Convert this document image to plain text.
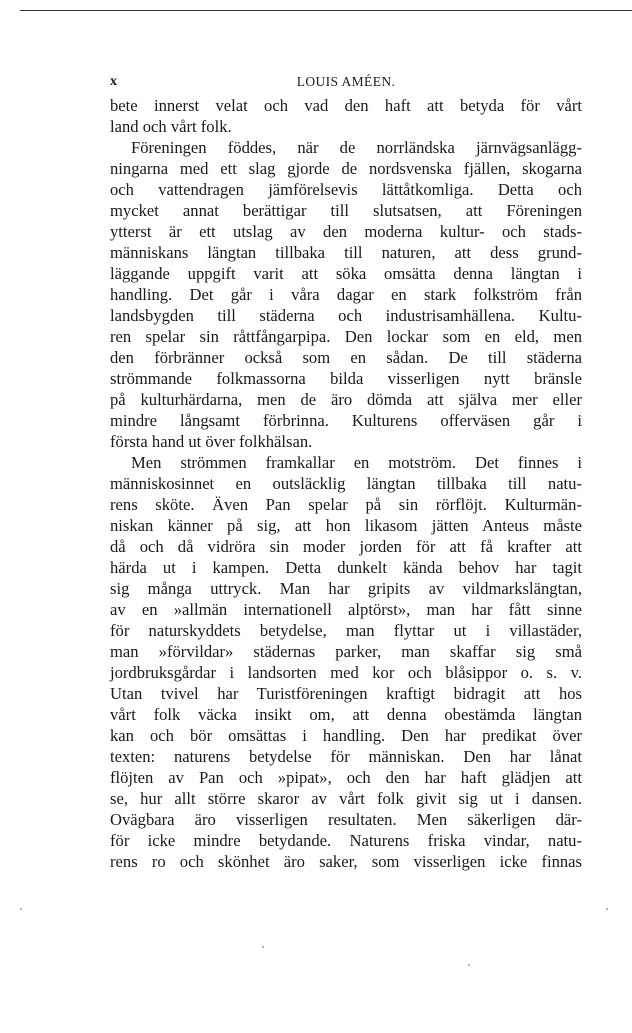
x	LOUIS AMÉEN.
bete innerst velat och vad den haft att betyda för vårt
land och vårt folk.
Föreningen föddes, när de norrländska järnvägsanlägg-
ningarna med ett slag gjorde de nordsvenska fjällen, skogarna
och vattendragen jämförelsevis lättåtkomliga. Detta och
mycket annat berättigar till slutsatsen, att Föreningen
ytterst är ett utslag av den moderna kultur- och stads-
människans längtan tillbaka till naturen, att dess grund-
läggande uppgift varit att söka omsätta denna längtan i
handling. Det går i våra dagar en stark folkström från
landsbygden till städerna och industrisamhällena. Kultu-
ren spelar sin råttfångarpipa. Den lockar som en eld, men
den förbränner också som en sådan. De till städerna
strömmande folkmassorna bilda visserligen nytt bränsle
på kulturhärdarna, men de äro dömda att själva mer eller
mindre långsamt förbrinna. Kulturens offerväsen går i
första hand ut över folkhälsan.
Men strömmen framkallar en motström. Det finnes i
människosinnet en outsläcklig längtan tillbaka till natu-
rens sköte. Även Pan spelar på sin rörflöjt. Kulturmän-
niskan känner på sig, att hon likasom jätten Anteus måste
då och då vidröra sin moder jorden för att få krafter att
härda ut i kampen. Detta dunkelt kända behov har tagit
sig många uttryck. Man har gripits av vildmarkslängtan,
av en »allmän internationell alptörst», man har fått sinne
för naturskyddets betydelse, man flyttar ut i villastäder,
man »förvildar» städernas parker, man skaffar sig små
jordbruksgårdar i landsorten med kor och blåsippor o. s. v.
Utan tvivel har Turistföreningen kraftigt bidragit att hos
vårt folk väcka insikt om, att denna obestämda längtan
kan och bör omsättas i handling. Den har predikat över
texten: naturens betydelse för människan. Den har lånat
flöjten av Pan och »pipat», och den har haft glädjen att
se, hur allt större skaror av vårt folk givit sig ut i dansen.
Ovägbara äro visserligen resultaten. Men säkerligen där-
för icke mindre betydande. Naturens friska vindar, natu-
rens ro och skönhet äro saker, som visserligen icke finnas
